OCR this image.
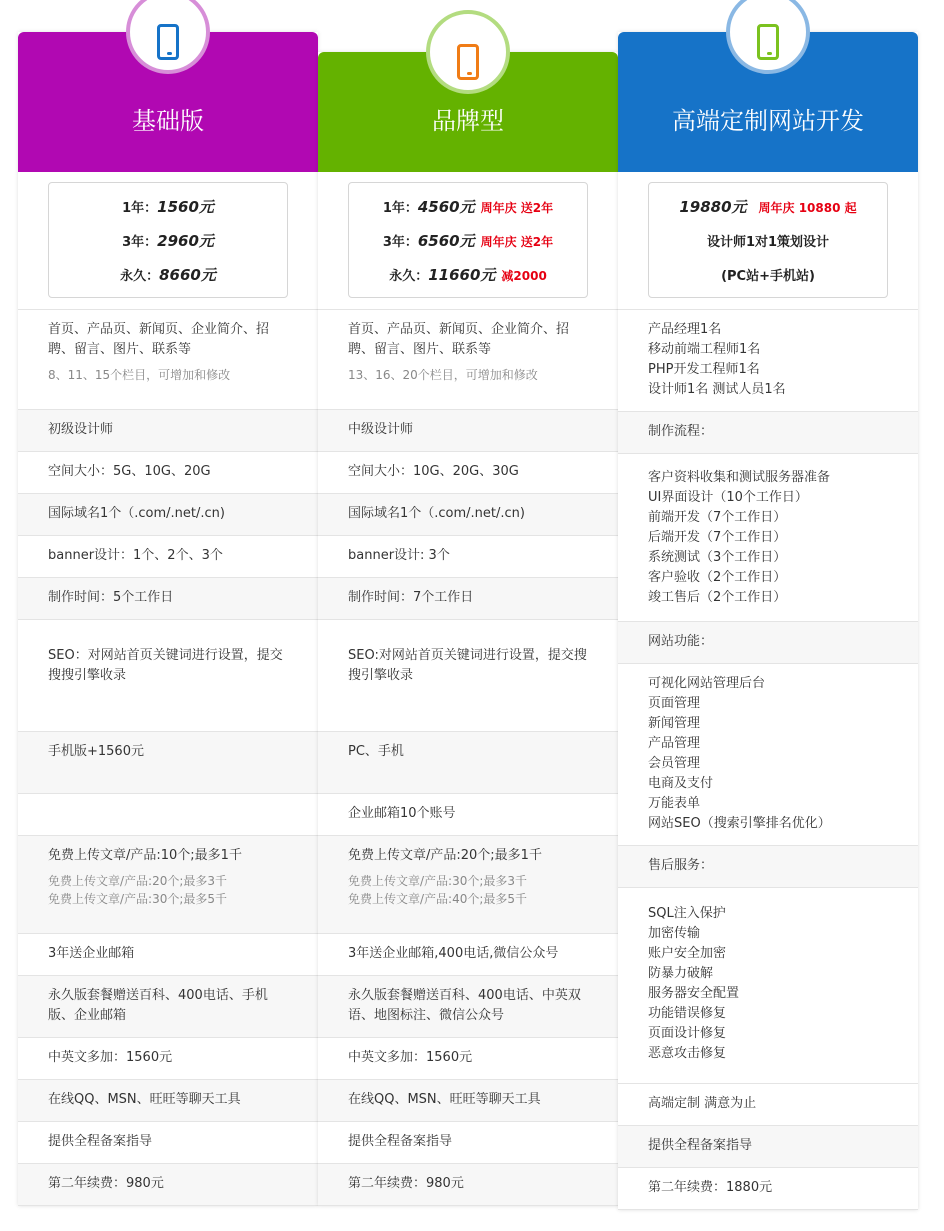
基础版
1年：1560元
3年：2960元
永久：8660元
首页、产品页、新闻页、企业简介、招聘、留言、图片、联系等
8、11、15个栏目，可增加和修改
初级设计师
空间大小：5G、10G、20G
国际域名1个（.com/.net/.cn)
banner设计：1个、2个、3个
制作时间：5个工作日
SEO：对网站首页关键词进行设置，提交搜搜引擎收录
手机版+1560元
免费上传文章/产品:10个;最多1千
免费上传文章/产品:20个;最多3千
免费上传文章/产品:30个;最多5千
3年送企业邮箱
永久版套餐赠送百科、400电话、手机版、企业邮箱
中英文多加：1560元
在线QQ、MSN、旺旺等聊天工具
提供全程备案指导
第二年续费：980元
品牌型
1年：4560元 周年庆 送2年
3年：6560元 周年庆 送2年
永久：11660元 减2000
首页、产品页、新闻页、企业简介、招聘、留言、图片、联系等
13、16、20个栏目，可增加和修改
中级设计师
空间大小：10G、20G、30G
国际域名1个（.com/.net/.cn)
banner设计: 3个
制作时间：7个工作日
SEO:对网站首页关键词进行设置，提交搜搜引擎收录
PC、手机
企业邮箱10个账号
免费上传文章/产品:20个;最多1千
免费上传文章/产品:30个;最多3千
免费上传文章/产品:40个;最多5千
3年送企业邮箱,400电话,微信公众号
永久版套餐赠送百科、400电话、中英双语、地图标注、微信公众号
中英文多加：1560元
在线QQ、MSN、旺旺等聊天工具
提供全程备案指导
第二年续费：980元
高端定制网站开发
19880元 周年庆 10880 起
设计师1对1策划设计
(PC站+手机站)
产品经理1名
移动前端工程师1名
PHP开发工程师1名
设计师1名 测试人员1名
制作流程：
客户资料收集和测试服务器准备
UI界面设计（10个工作日）
前端开发（7个工作日）
后端开发（7个工作日）
系统测试（3个工作日）
客户验收（2个工作日）
竣工售后（2个工作日）
网站功能：
可视化网站管理后台
页面管理
新闻管理
产品管理
会员管理
电商及支付
万能表单
网站SEO（搜索引擎排名优化）
售后服务：
SQL注入保护
加密传输
账户安全加密
防暴力破解
服务器安全配置
功能错误修复
页面设计修复
恶意攻击修复
高端定制 满意为止
提供全程备案指导
第二年续费：1880元
